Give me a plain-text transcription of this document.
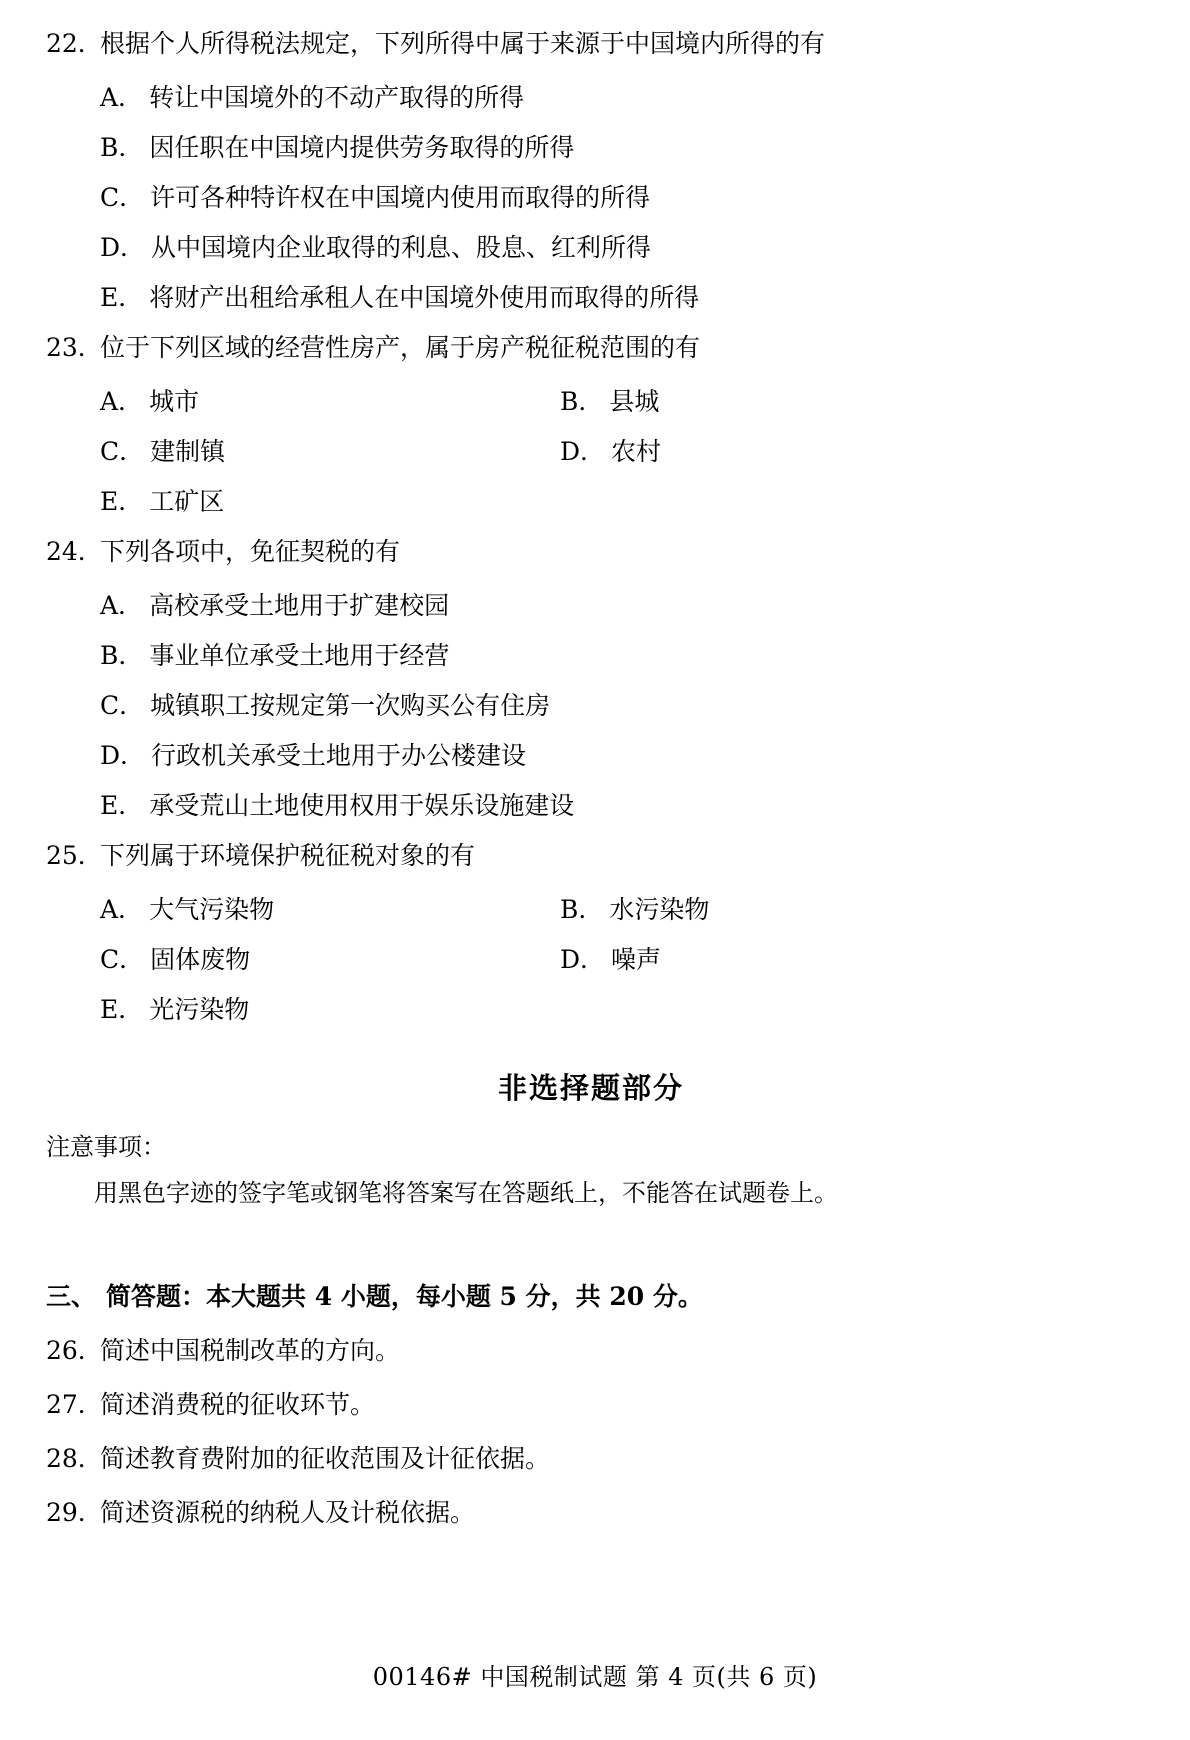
22．
根据个人所得税法规定，下列所得中属于来源于中国境内所得的有
A． 转让中国境外的不动产取得的所得
B． 因任职在中国境内提供劳务取得的所得
C． 许可各种特许权在中国境内使用而取得的所得
D． 从中国境内企业取得的利息、股息、红利所得
E． 将财产出租给承租人在中国境外使用而取得的所得
23．
位于下列区域的经营性房产，属于房产税征税范围的有
A． 城市	B． 县城
C． 建制镇	D． 农村
E． 工矿区
24．
下列各项中，免征契税的有
A． 高校承受土地用于扩建校园
B． 事业单位承受土地用于经营
C． 城镇职工按规定第一次购买公有住房
D． 行政机关承受土地用于办公楼建设
E． 承受荒山土地使用权用于娱乐设施建设
25．
下列属于环境保护税征税对象的有
A． 大气污染物	B． 水污染物
C． 固体废物	D． 噪声
E． 光污染物
非选择题部分
注意事项：
用黑色字迹的签字笔或钢笔将答案写在答题纸上，不能答在试题卷上。
三、 简答题：本大题共 4 小题，每小题 5 分，共 20 分。
26．
简述中国税制改革的方向。
27．
简述消费税的征收环节。
28．
简述教育费附加的征收范围及计征依据。
29．
简述资源税的纳税人及计税依据。
00146# 中国税制试题 第 4 页(共 6 页)
